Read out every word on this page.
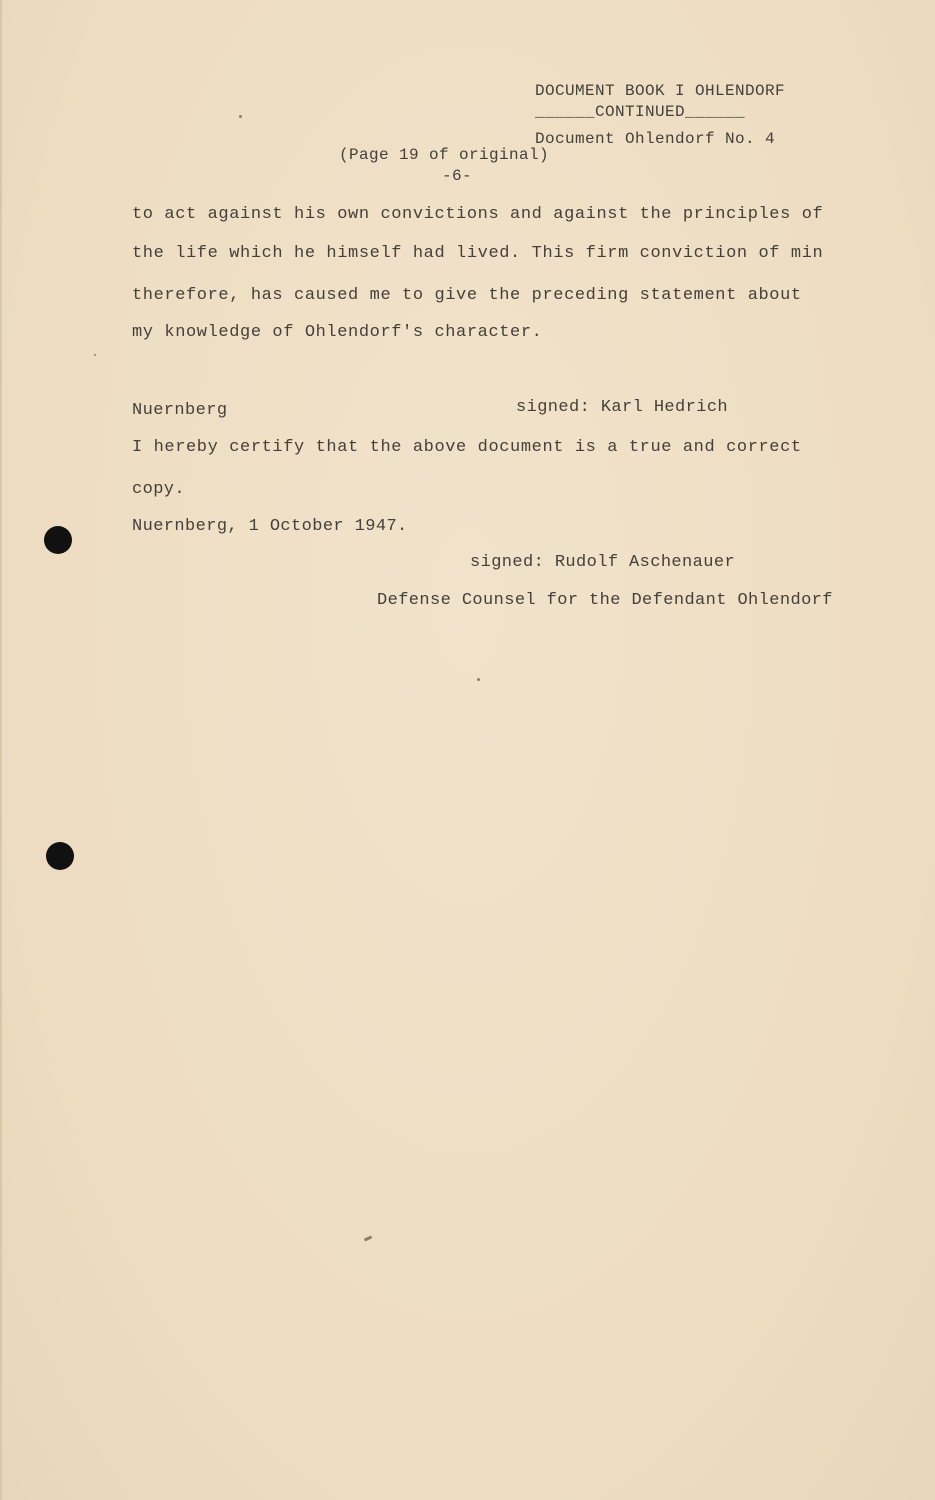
DOCUMENT BOOK I OHLENDORF
______CONTINUED______
Document Ohlendorf No. 4
(Page 19 of original)
-6-
to act against his own convictions and against the principles of
the life which he himself had lived. This firm conviction of min
therefore, has caused me to give the preceding statement about
my knowledge of Ohlendorf's character.
Nuernberg	signed: Karl Hedrich
I hereby certify that the above document is a true and correct
copy.
Nuernberg, 1 October 1947.
signed: Rudolf Aschenauer
Defense Counsel for the Defendant Ohlendorf
